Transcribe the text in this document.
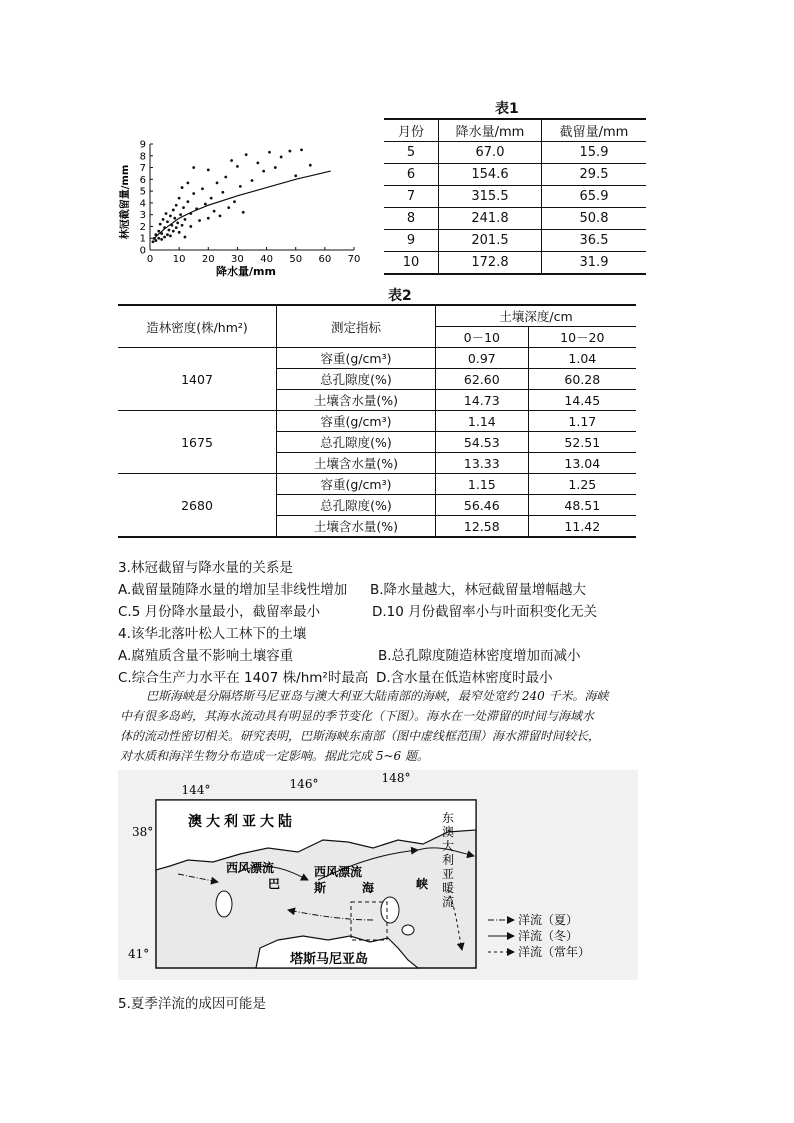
0 10 20 30 40 50 60 70
0
1
2
3
4
5
6
7
8
9
降水量/mm
林冠截留量/mm
表1
月份	降水量/mm	截留量/mm
5	67.0	15.9
6	154.6	29.5
7	315.5	65.9
8	241.8	50.8
9	201.5	36.5
10	172.8	31.9
表2
造林密度(株/hm²)	测定指标	土壤深度/cm	
		0－10	10－20
1407	容重(g/cm³)	0.97	1.04
	总孔隙度(%)	62.60	60.28
	土壤含水量(%)	14.73	14.45
1675	容重(g/cm³)	1.14	1.17
	总孔隙度(%)	54.53	52.51
	土壤含水量(%)	13.33	13.04
2680	容重(g/cm³)	1.15	1.25
	总孔隙度(%)	56.46	48.51
	土壤含水量(%)	12.58	11.42
3.林冠截留与降水量的关系是
A.截留量随降水量的增加呈非线性增加 B.降水量越大，林冠截留量增幅越大
C.5 月份降水量最小，截留率最小	D.10 月份截留率小与叶面积变化无关
4.该华北落叶松人工林下的土壤
A.腐殖质含量不影响土壤容重	B.总孔隙度随造林密度增加而减小
C.综合生产力水平在 1407 株/hm²时最高 D.含水量在低造林密度时最小
巴斯海峡是分隔塔斯马尼亚岛与澳大利亚大陆南部的海峡，最窄处宽约 240 千米。海峡
中有很多岛屿，其海水流动具有明显的季节变化（下图）。海水在一处滞留的时间与海域水
体的流动性密切相关。研究表明，巴斯海峡东南部（图中虚线框范围）海水滞留时间较长，
对水质和海洋生物分布造成一定影响。据此完成 5~6 题。
144°	146°	148°
38°
41°
澳大利亚大陆
塔斯马尼亚岛
西风漂流	西风漂流
巴	斯	海	峡
东
澳
大
利
亚
暖
流
洋流（夏）
洋流（冬）
洋流（常年）
5.夏季洋流的成因可能是
